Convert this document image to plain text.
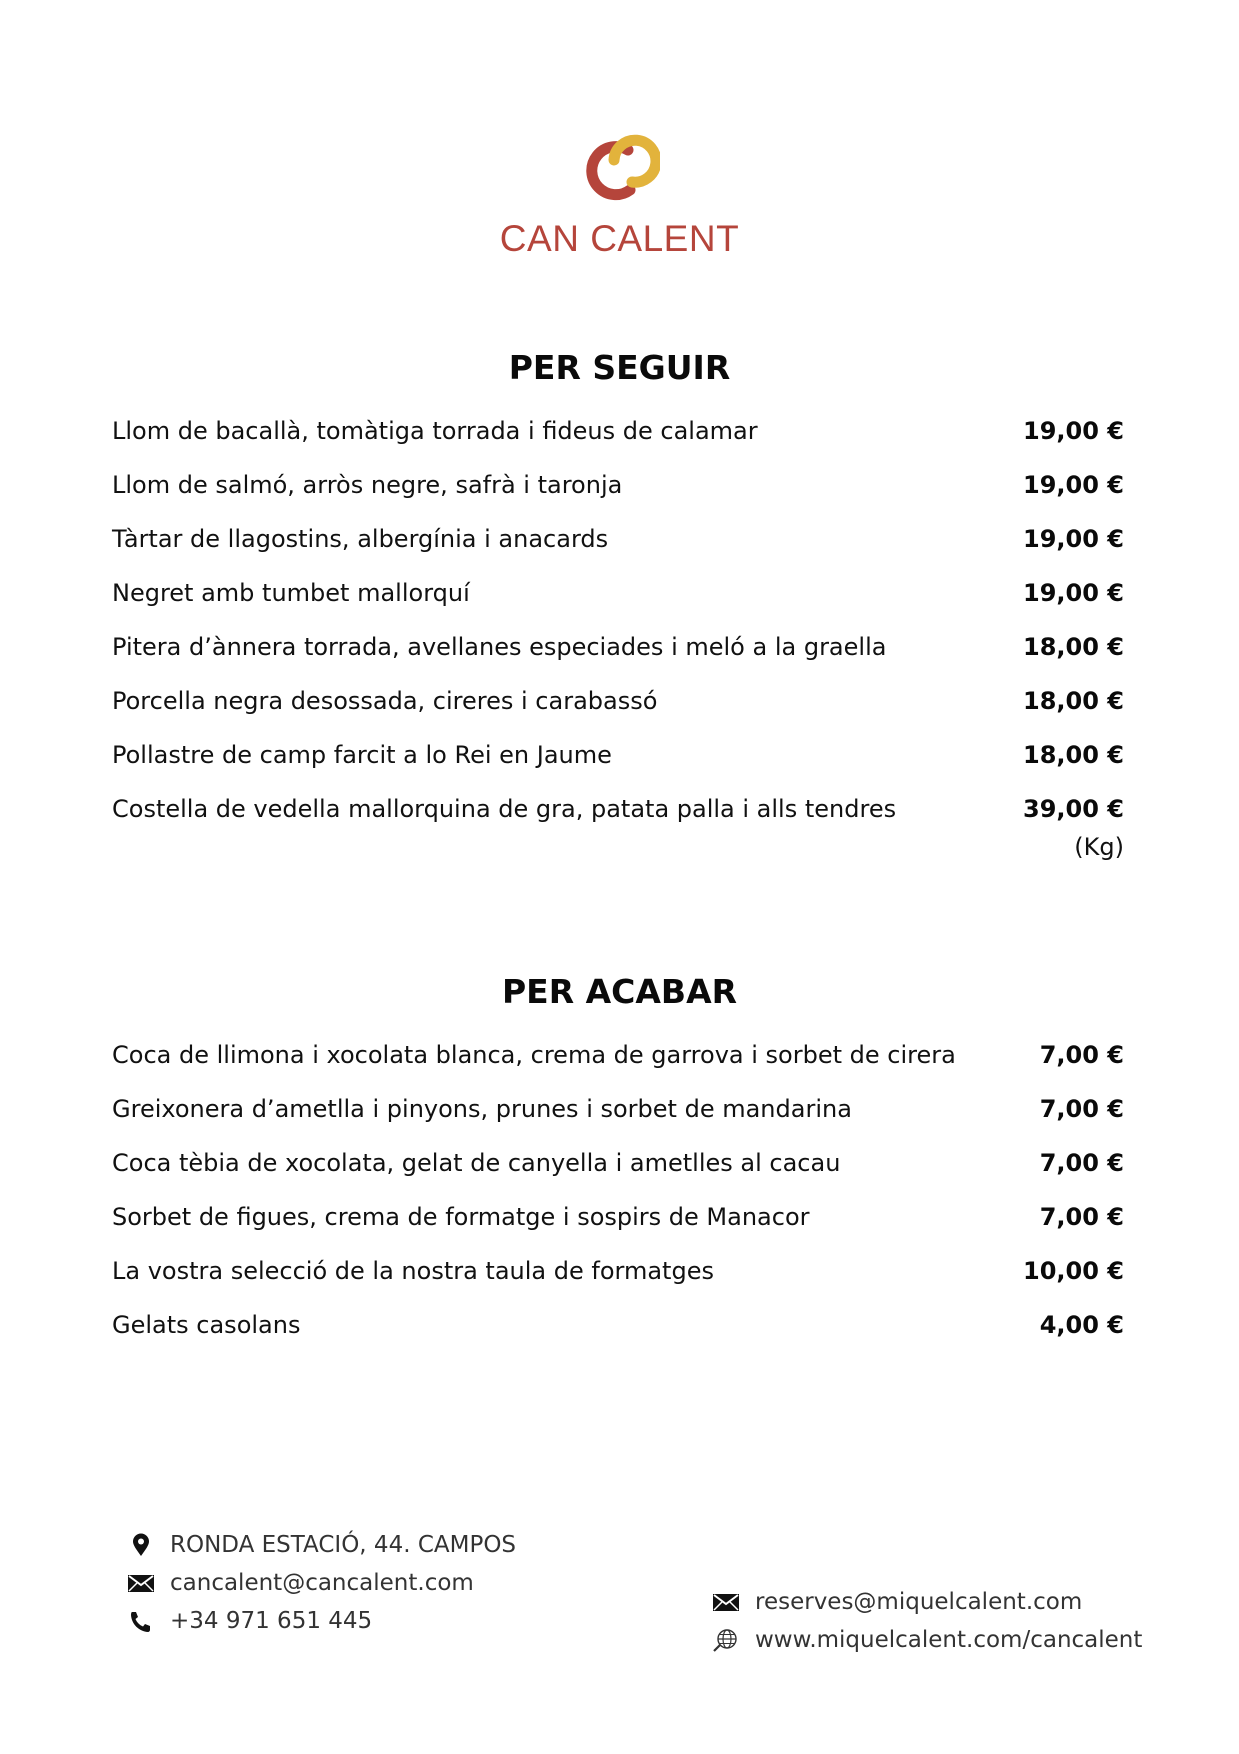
CAN CALENT
PER SEGUIR
Llom de bacallà, tomàtiga torrada i fideus de calamar	19,00 €
Llom de salmó, arròs negre, safrà i taronja	19,00 €
Tàrtar de llagostins, albergínia i anacards	19,00 €
Negret amb tumbet mallorquí	19,00 €
Pitera d’ànnera torrada, avellanes especiades i meló a la graella	18,00 €
Porcella negra desossada, cireres i carabassó	18,00 €
Pollastre de camp farcit a lo Rei en Jaume	18,00 €
Costella de vedella mallorquina de gra, patata palla i alls tendres	39,00 €
(Kg)
PER ACABAR
Coca de llimona i xocolata blanca, crema de garrova i sorbet de cirera	7,00 €
Greixonera d’ametlla i pinyons, prunes i sorbet de mandarina	7,00 €
Coca tèbia de xocolata, gelat de canyella i ametlles al cacau	7,00 €
Sorbet de figues, crema de formatge i sospirs de Manacor	7,00 €
La vostra selecció de la nostra taula de formatges	10,00 €
Gelats casolans	4,00 €
RONDA ESTACIÓ, 44. CAMPOS
cancalent@cancalent.com
+34 971 651 445
reserves@miquelcalent.com
www.miquelcalent.com/cancalent
